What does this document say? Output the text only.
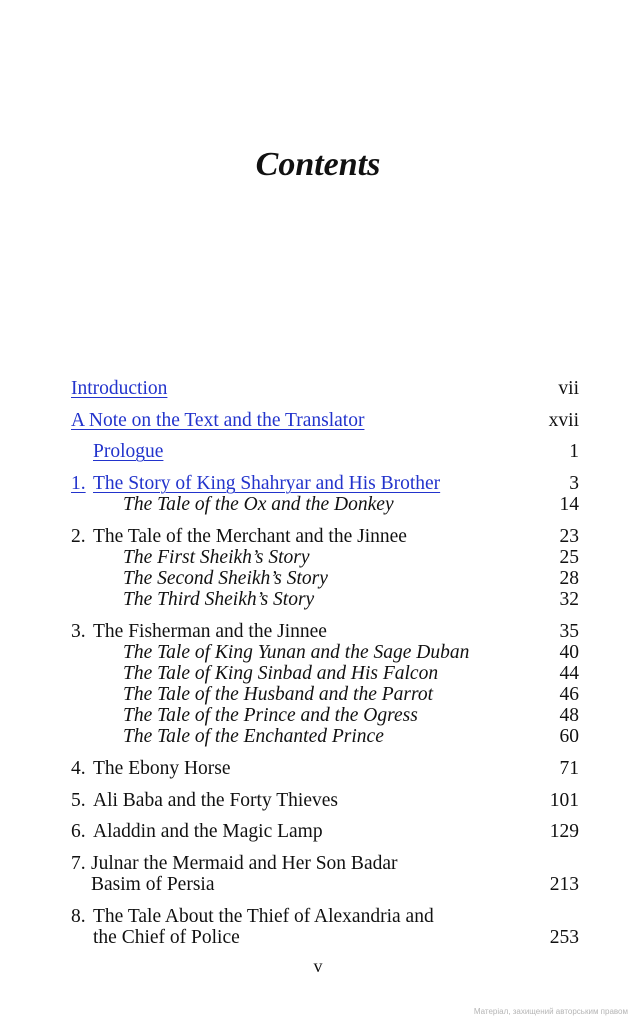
Contents
Introduction	vii
A Note on the Text and the Translator	xvii
Prologue	1
1. The Story of King Shahryar and His Brother	3
The Tale of the Ox and the Donkey	14
2. The Tale of the Merchant and the Jinnee	23
The First Sheikh’s Story	25
The Second Sheikh’s Story	28
The Third Sheikh’s Story	32
3. The Fisherman and the Jinnee	35
The Tale of King Yunan and the Sage Duban	40
The Tale of King Sinbad and His Falcon	44
The Tale of the Husband and the Parrot	46
The Tale of the Prince and the Ogress	48
The Tale of the Enchanted Prince	60
4. The Ebony Horse	71
5. Ali Baba and the Forty Thieves	101
6. Aladdin and the Magic Lamp	129
7. Julnar the Mermaid and Her Son Badar
Basim of Persia	213
8. The Tale About the Thief of Alexandria and
the Chief of Police	253
v
Матеріал, захищений авторським правом
